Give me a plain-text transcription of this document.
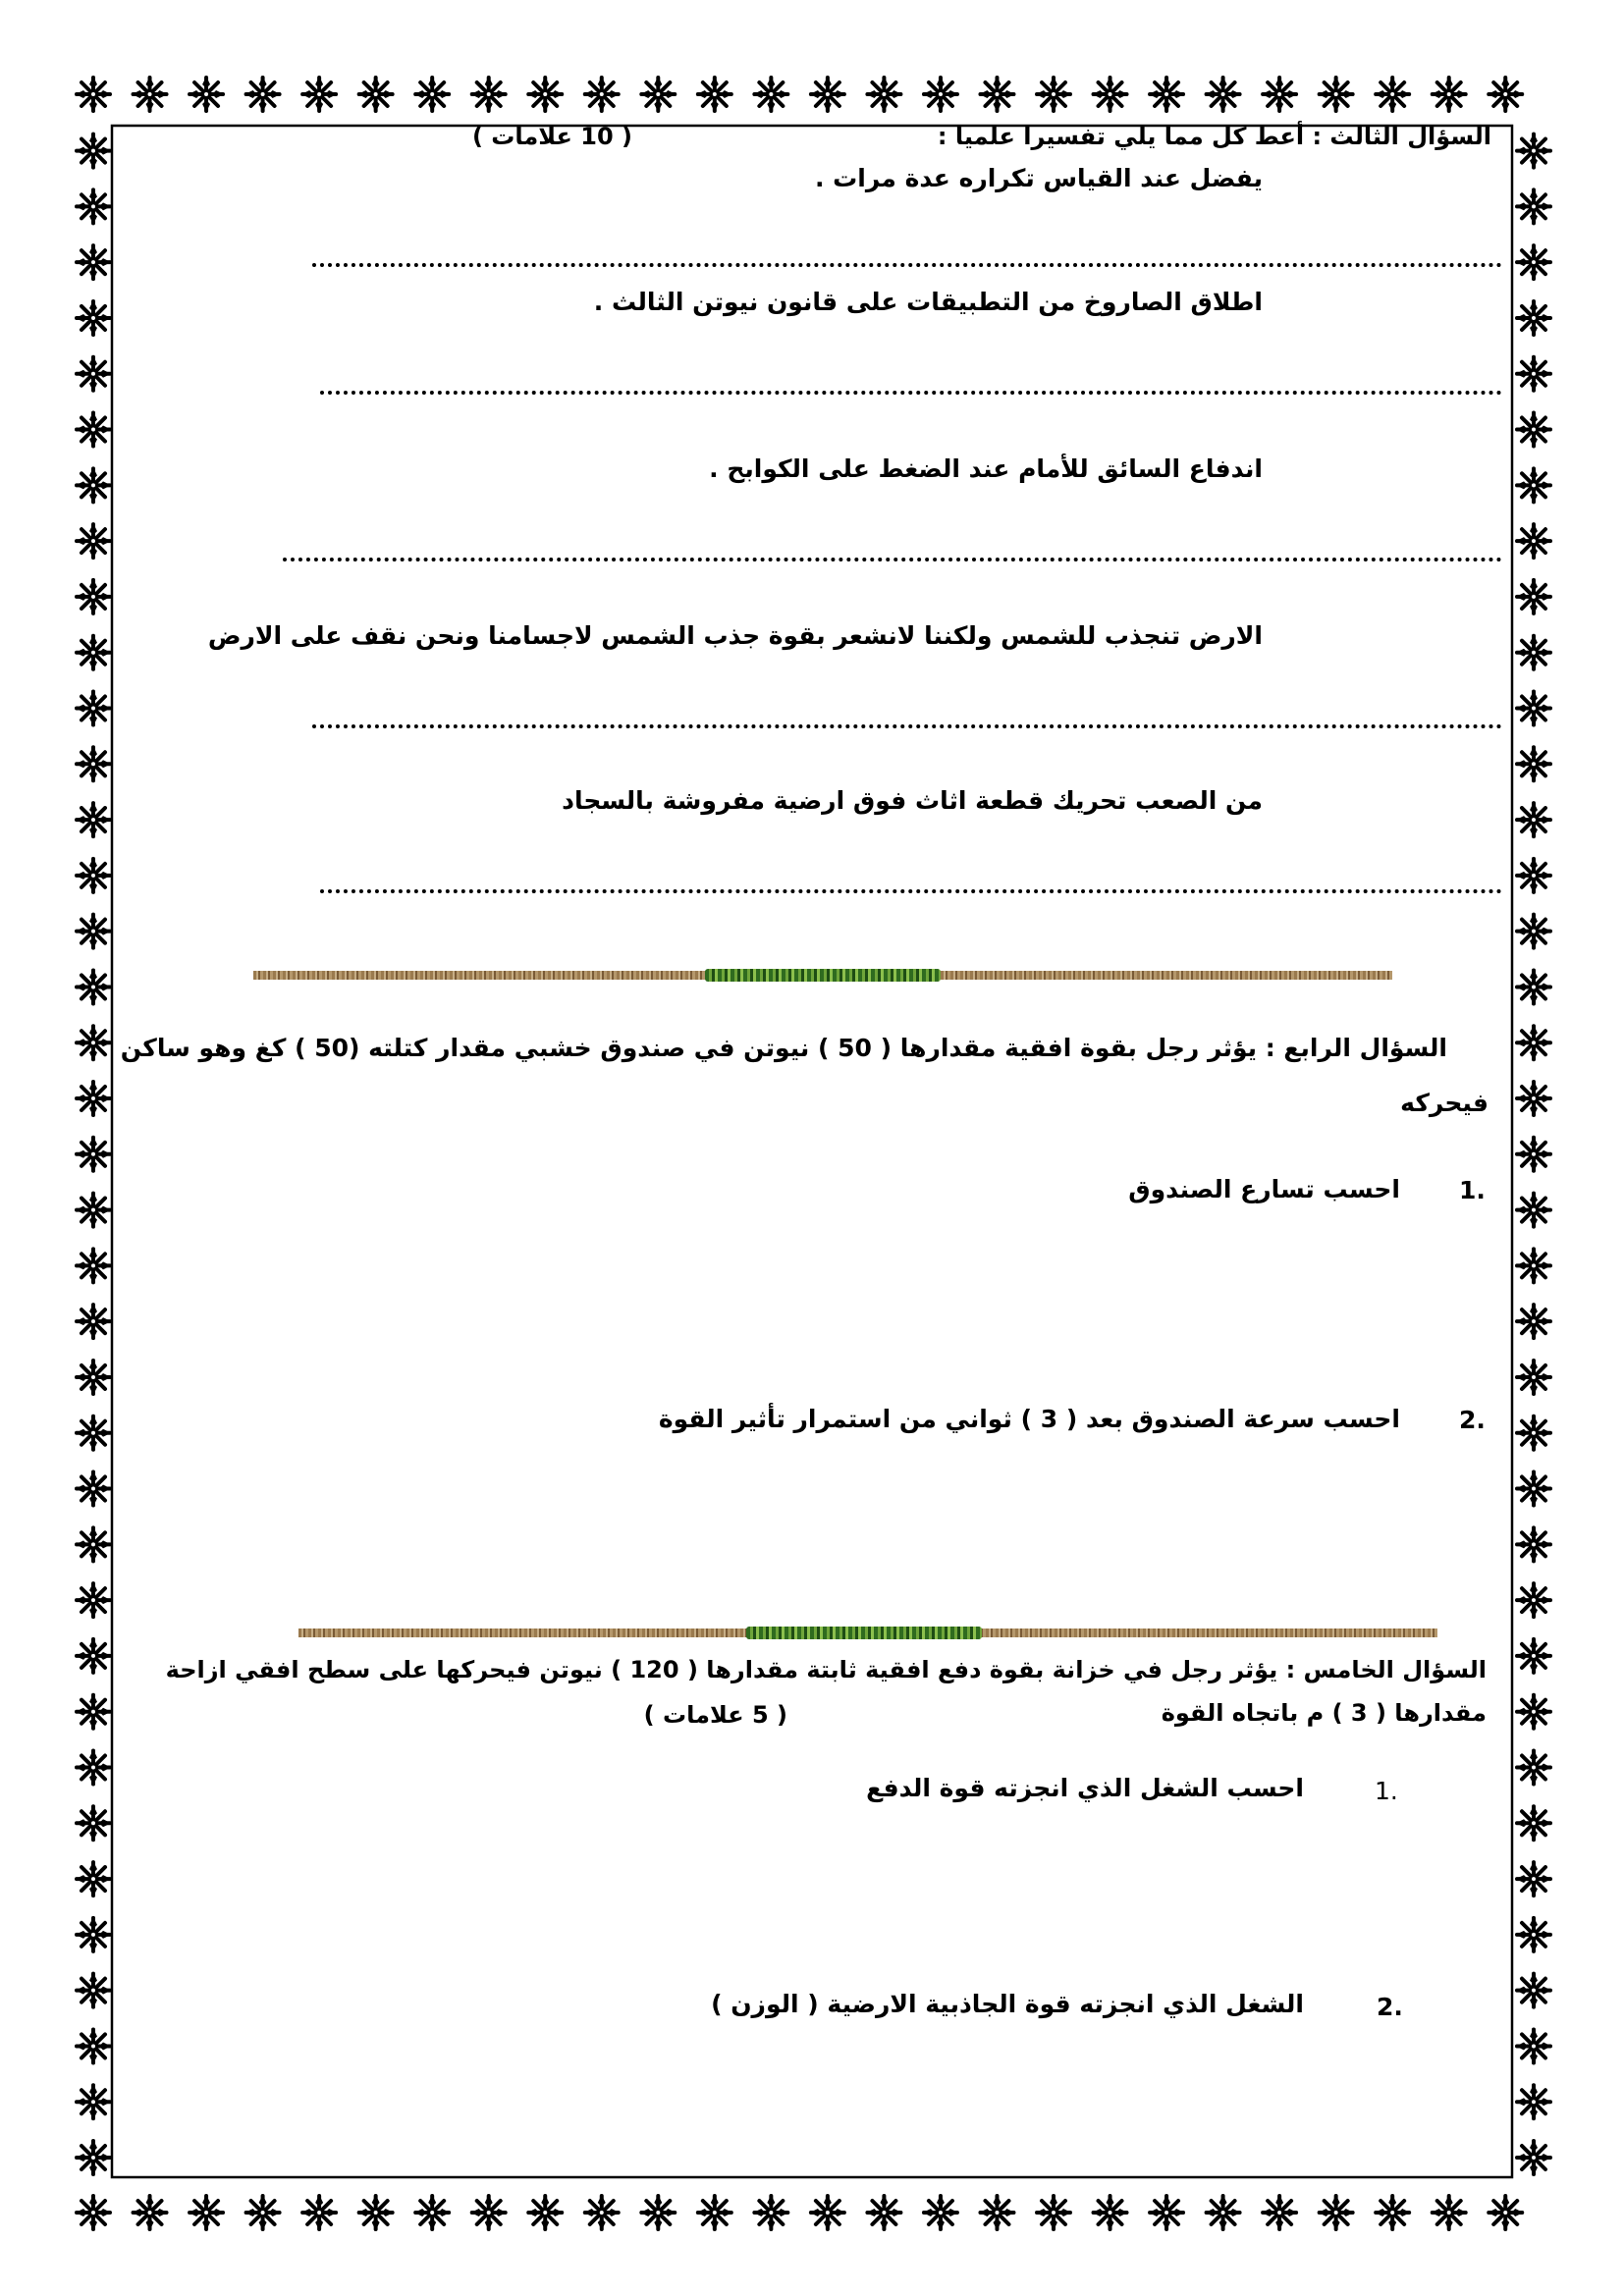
السؤال الثالث : أعط كل مما يلي تفسيرا علميا :
( 10 علامات )
يفضل عند القياس تكراره عدة مرات .
اطلاق الصاروخ من التطبيقات على قانون نيوتن الثالث .
اندفاع السائق للأمام عند الضغط على الكوابح .
الارض تنجذب للشمس ولكننا لانشعر بقوة جذب الشمس لاجسامنا ونحن نقف على الارض
من الصعب تحريك قطعة اثاث فوق ارضية مفروشة بالسجاد
السؤال الرابع : يؤثر رجل بقوة افقية مقدارها ( 50 ) نيوتن في صندوق خشبي مقدار كتلته (50 ) كغ وهو ساكن
فيحركه
1.
احسب تسارع الصندوق
2.
احسب سرعة الصندوق بعد ( 3 ) ثواني من استمرار تأثير القوة
السؤال الخامس : يؤثر رجل في خزانة بقوة دفع افقية ثابتة مقدارها ( 120 ) نيوتن فيحركها على سطح افقي ازاحة
مقدارها ( 3 ) م باتجاه القوة
( 5 علامات )
1.
احسب الشغل الذي انجزته قوة الدفع
2.
الشغل الذي انجزته قوة الجاذبية الارضية ( الوزن )
